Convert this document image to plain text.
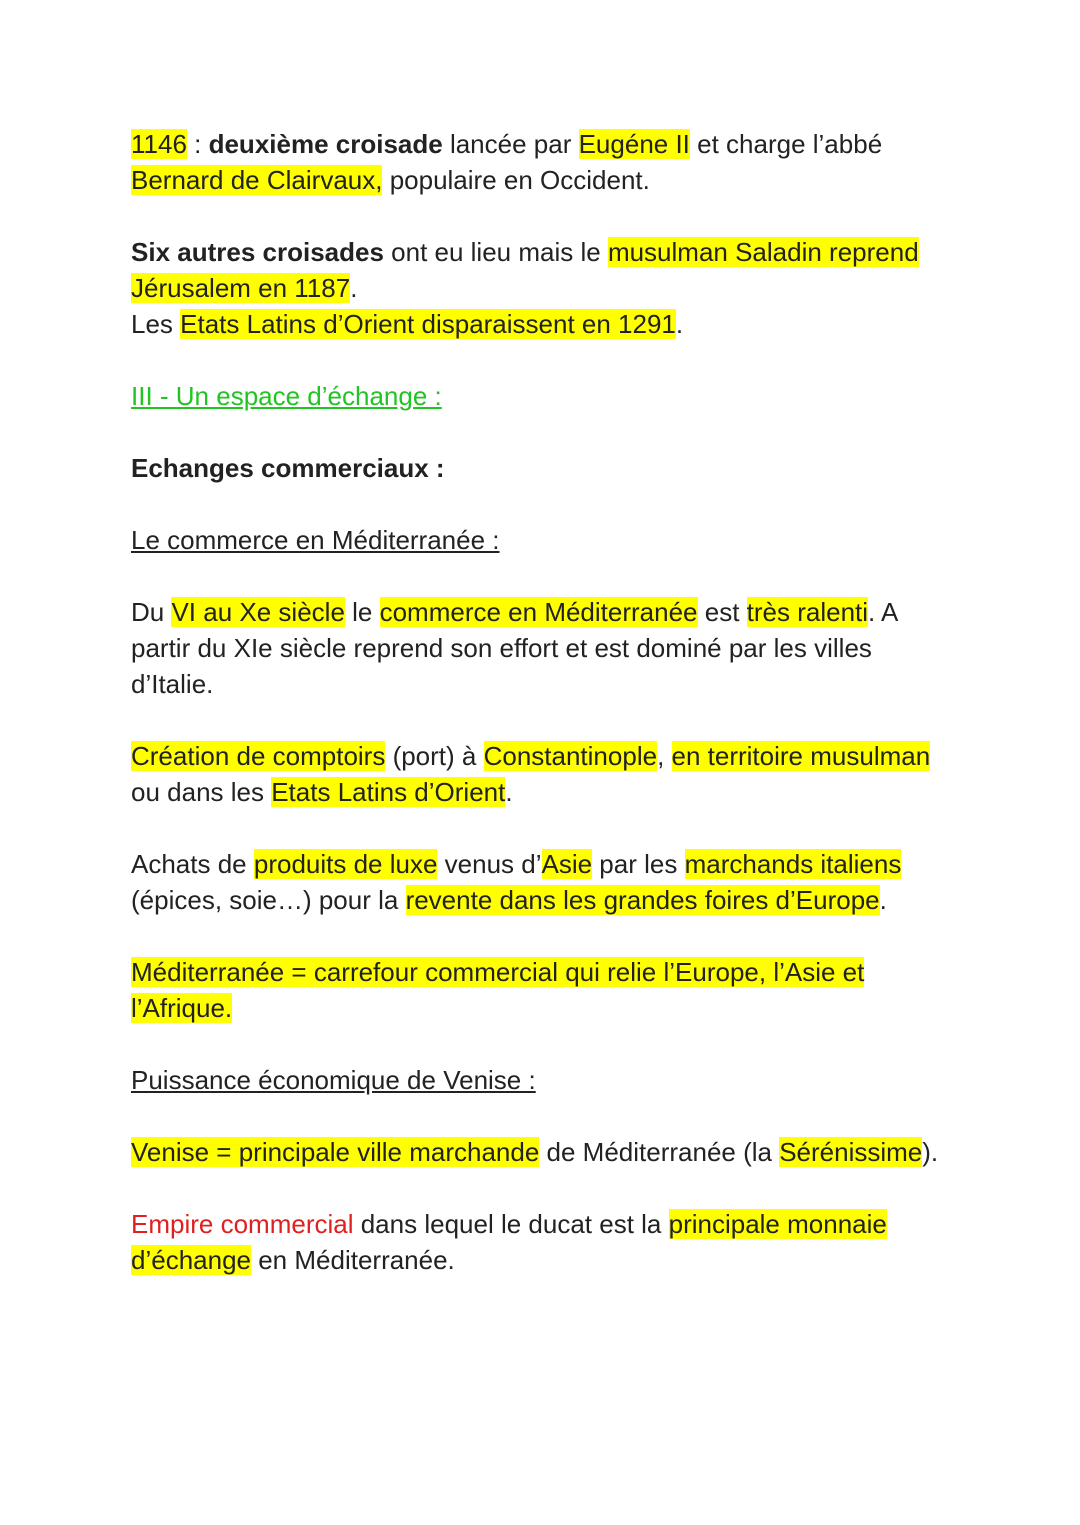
1146 : deuxième croisade lancée par Eugéne II et charge l’abbé Bernard de Clairvaux, populaire en Occident.

Six autres croisades ont eu lieu mais le musulman Saladin reprend Jérusalem en 1187.
Les Etats Latins d’Orient disparaissent en 1291.

III - Un espace d’échange :

Echanges commerciaux :

Le commerce en Méditerranée :

Du VI au Xe siècle le commerce en Méditerranée est très ralenti. A partir du XIe siècle reprend son effort et est dominé par les villes d’Italie.

Création de comptoirs (port) à Constantinople, en territoire musulman ou dans les Etats Latins d’Orient.

Achats de produits de luxe venus d’Asie par les marchands italiens (épices, soie…) pour la revente dans les grandes foires d’Europe.

Méditerranée = carrefour commercial qui relie l’Europe, l’Asie et l’Afrique.

Puissance économique de Venise :

Venise = principale ville marchande de Méditerranée (la Sérénissime).

Empire commercial dans lequel le ducat est la principale monnaie d’échange en Méditerranée.
